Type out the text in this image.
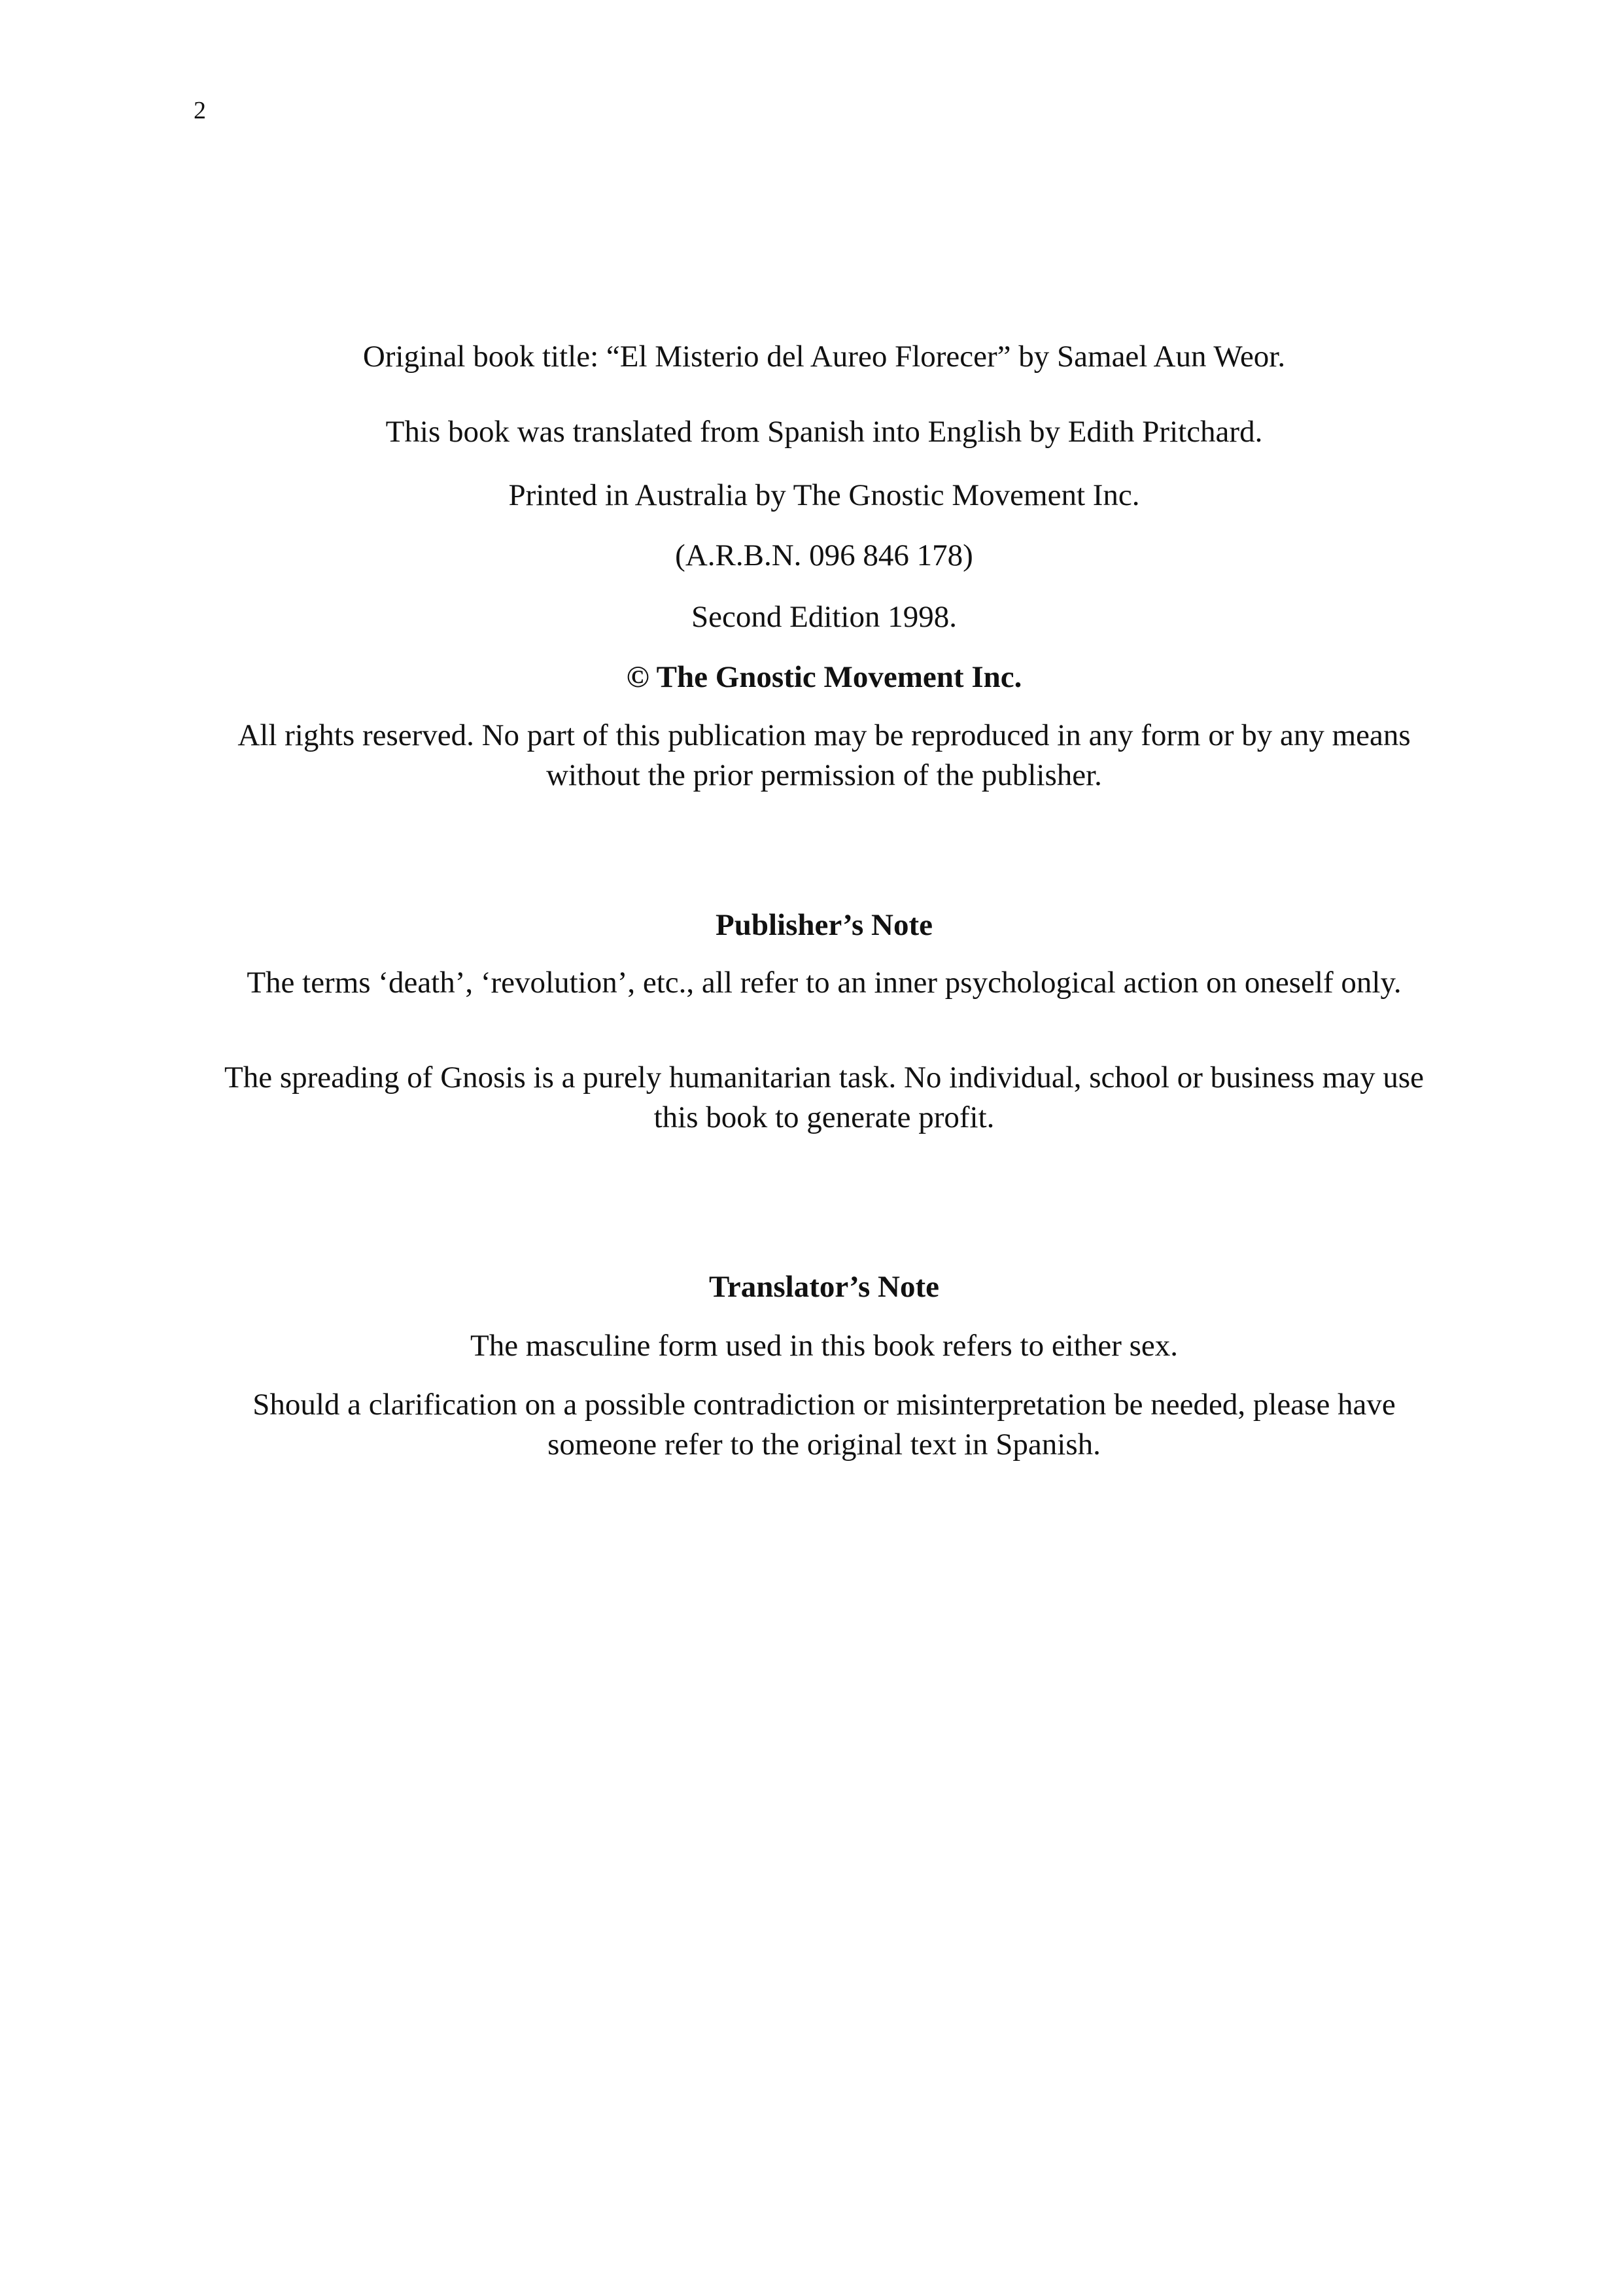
2

Original book title: “El Misterio del Aureo Florecer” by Samael Aun Weor.

This book was translated from Spanish into English by Edith Pritchard.

Printed in Australia by The Gnostic Movement Inc.

(A.R.B.N. 096 846 178)

Second Edition 1998.

© The Gnostic Movement Inc.

All rights reserved. No part of this publication may be reproduced in any form or by any means without the prior permission of the publisher.

Publisher’s Note

The terms ‘death’, ‘revolution’, etc., all refer to an inner psychological action on oneself only.

The spreading of Gnosis is a purely humanitarian task. No individual, school or business may use this book to generate profit.

Translator’s Note

The masculine form used in this book refers to either sex.

Should a clarification on a possible contradiction or misinterpretation be needed, please have someone refer to the original text in Spanish.
